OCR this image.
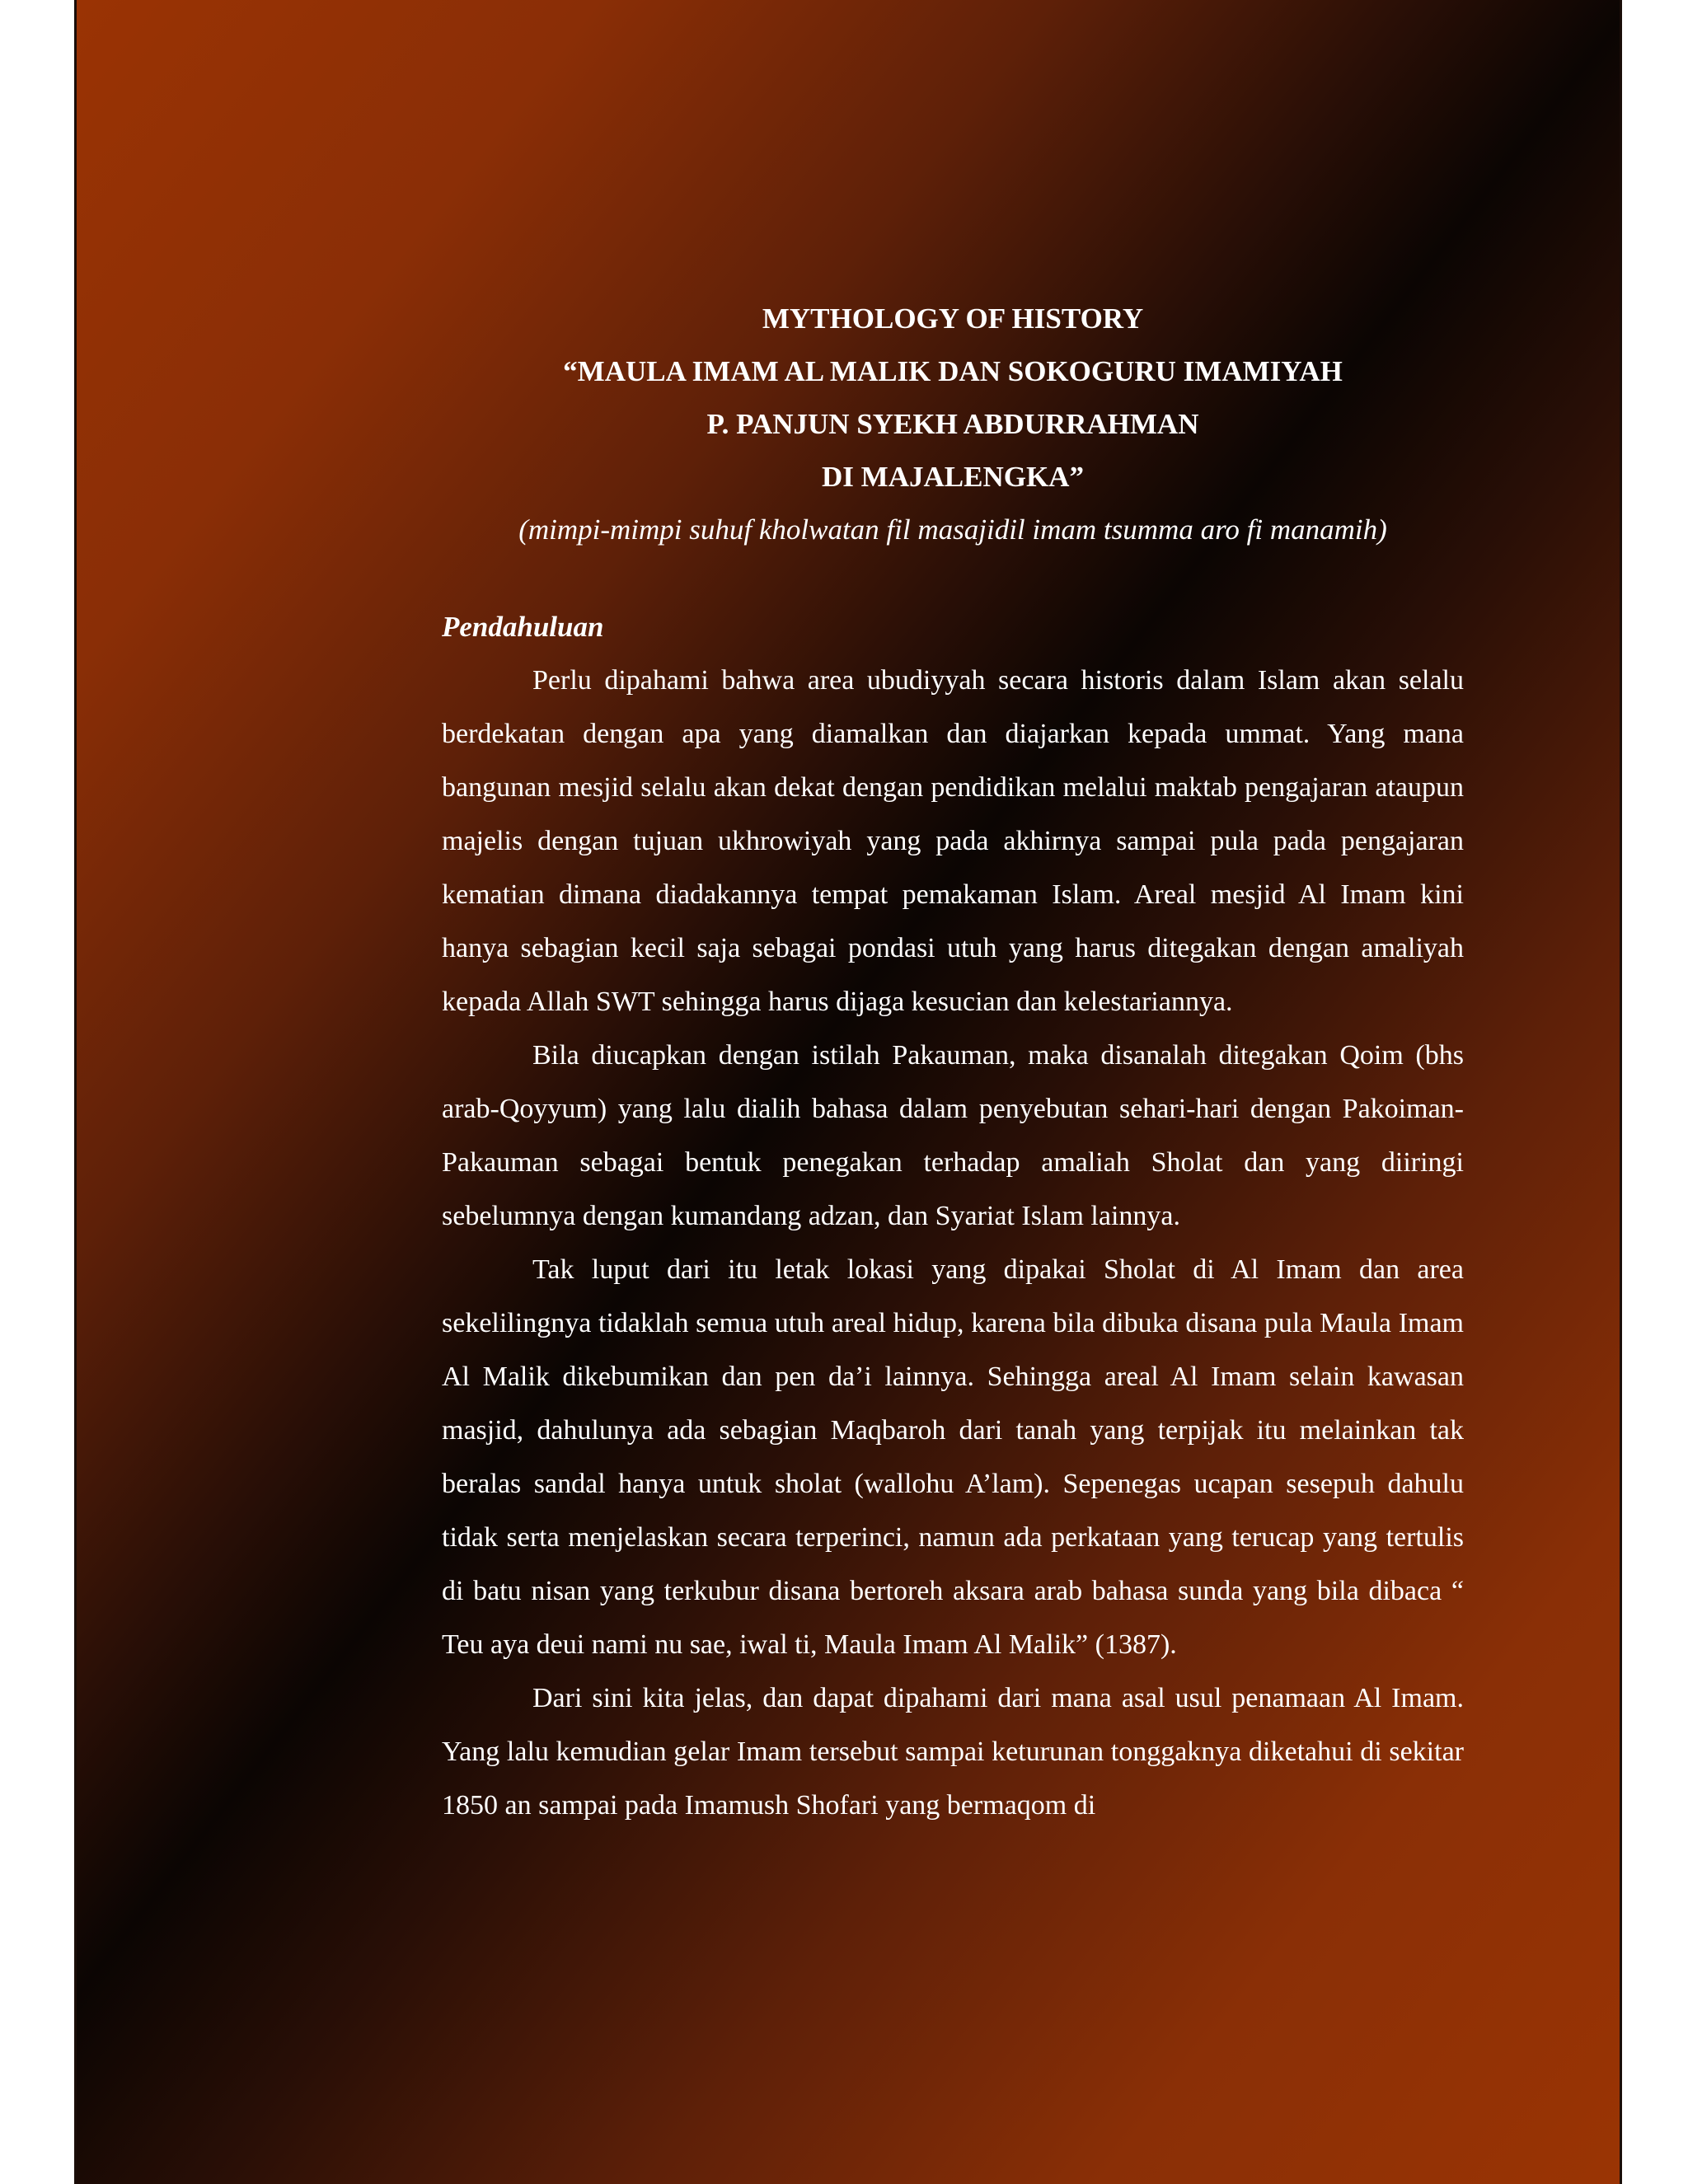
MYTHOLOGY OF HISTORY
“MAULA IMAM AL MALIK DAN SOKOGURU IMAMIYAH
P. PANJUN SYEKH ABDURRAHMAN
DI MAJALENGKA”
(mimpi-mimpi suhuf kholwatan fil masajidil imam tsumma aro fi manamih)
Pendahuluan

Perlu dipahami bahwa area ubudiyyah secara historis dalam Islam akan selalu berdekatan dengan apa yang diamalkan dan diajarkan kepada ummat. Yang mana bangunan mesjid selalu akan dekat dengan pendidikan melalui maktab pengajaran ataupun majelis dengan tujuan ukhrowiyah yang pada akhirnya sampai pula pada pengajaran kematian dimana diadakannya tempat pemakaman Islam. Areal mesjid Al Imam kini hanya sebagian kecil saja sebagai pondasi utuh yang harus ditegakan dengan amaliyah kepada Allah SWT sehingga harus dijaga kesucian dan kelestariannya.

Bila diucapkan dengan istilah Pakauman, maka disanalah ditegakan Qoim (bhs arab-Qoyyum) yang lalu dialih bahasa dalam penyebutan sehari-hari dengan Pakoiman-Pakauman sebagai bentuk penegakan terhadap amaliah Sholat dan yang diiringi sebelumnya dengan kumandang adzan, dan Syariat Islam lainnya.

Tak luput dari itu letak lokasi yang dipakai Sholat di Al Imam dan area sekelilingnya tidaklah semua utuh areal hidup, karena bila dibuka disana pula Maula Imam Al Malik dikebumikan dan pen da’i lainnya. Sehingga areal Al Imam selain kawasan masjid, dahulunya ada sebagian Maqbaroh dari tanah yang terpijak itu melainkan tak beralas sandal hanya untuk sholat (wallohu A’lam). Sepenegas ucapan sesepuh dahulu tidak serta menjelaskan secara terperinci, namun ada perkataan yang terucap yang tertulis di batu nisan yang terkubur disana bertoreh aksara arab bahasa sunda yang bila dibaca “ Teu aya deui nami nu sae, iwal ti, Maula Imam Al Malik” (1387).

Dari sini kita jelas, dan dapat dipahami dari mana asal usul penamaan Al Imam. Yang lalu kemudian gelar Imam tersebut sampai keturunan tonggaknya diketahui di sekitar 1850 an sampai pada Imamush Shofari yang bermaqom di
